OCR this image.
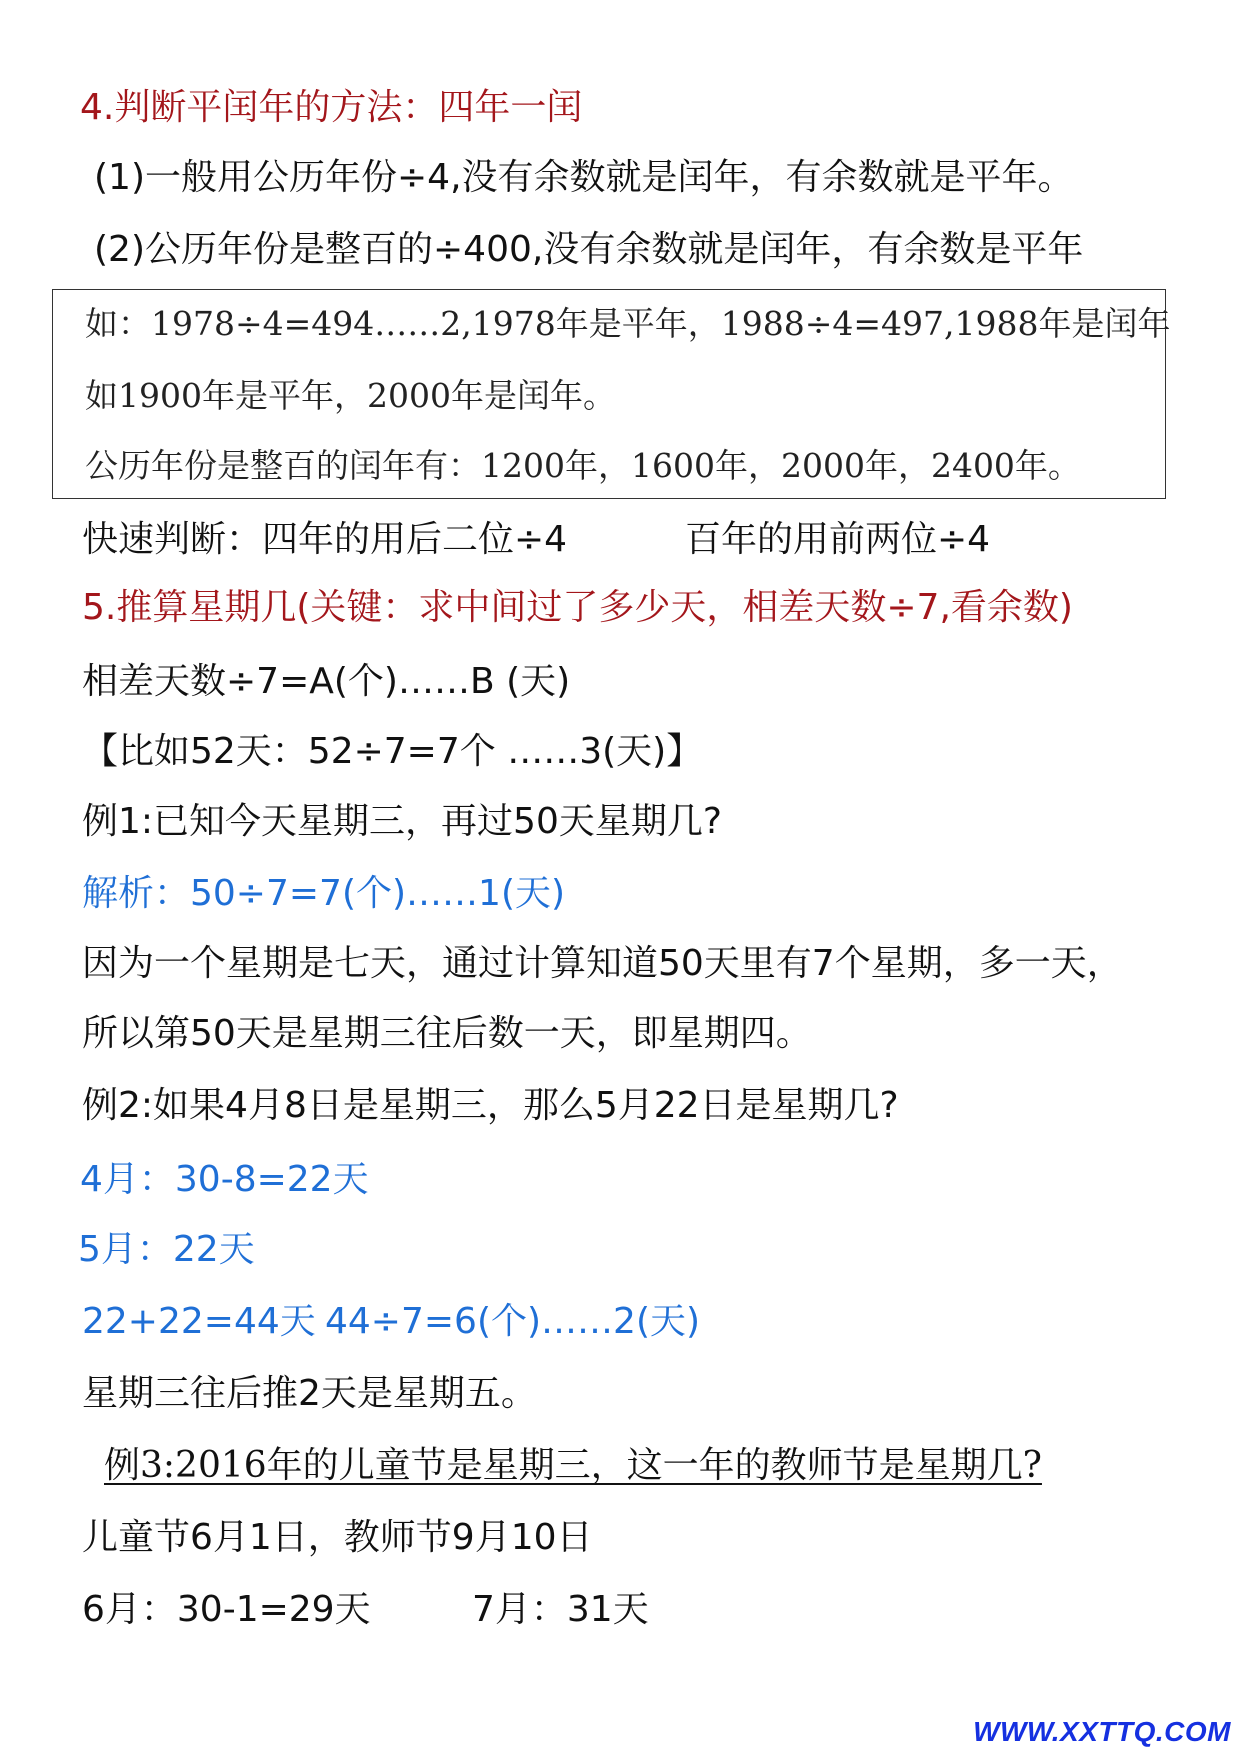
4.判断平闰年的方法：四年一闰
(1)一般用公历年份÷4,没有余数就是闰年，有余数就是平年。
(2)公历年份是整百的÷400,没有余数就是闰年，有余数是平年
如：1978÷4=494……2,1978年是平年，1988÷4=497,1988年是闰年
如1900年是平年，2000年是闰年。
公历年份是整百的闰年有：1200年，1600年，2000年，2400年。
快速判断：四年的用后二位÷4	百年的用前两位÷4
5.推算星期几(关键：求中间过了多少天，相差天数÷7,看余数)
相差天数÷7=A(个)……B (天)
【比如52天：52÷7=7个 ……3(天)】
例1:已知今天星期三，再过50天星期几?
解析：50÷7=7(个)……1(天)
因为一个星期是七天，通过计算知道50天里有7个星期，多一天，
所以第50天是星期三往后数一天，即星期四。
例2:如果4月8日是星期三，那么5月22日是星期几?
4月：30-8=22天
5月：22天
22+22=44天 44÷7=6(个)……2(天)
星期三往后推2天是星期五。
例3:2016年的儿童节是星期三，这一年的教师节是星期几?
儿童节6月1日，教师节9月10日
6月：30-1=29天	7月：31天
WWW.XXTTQ.COM
